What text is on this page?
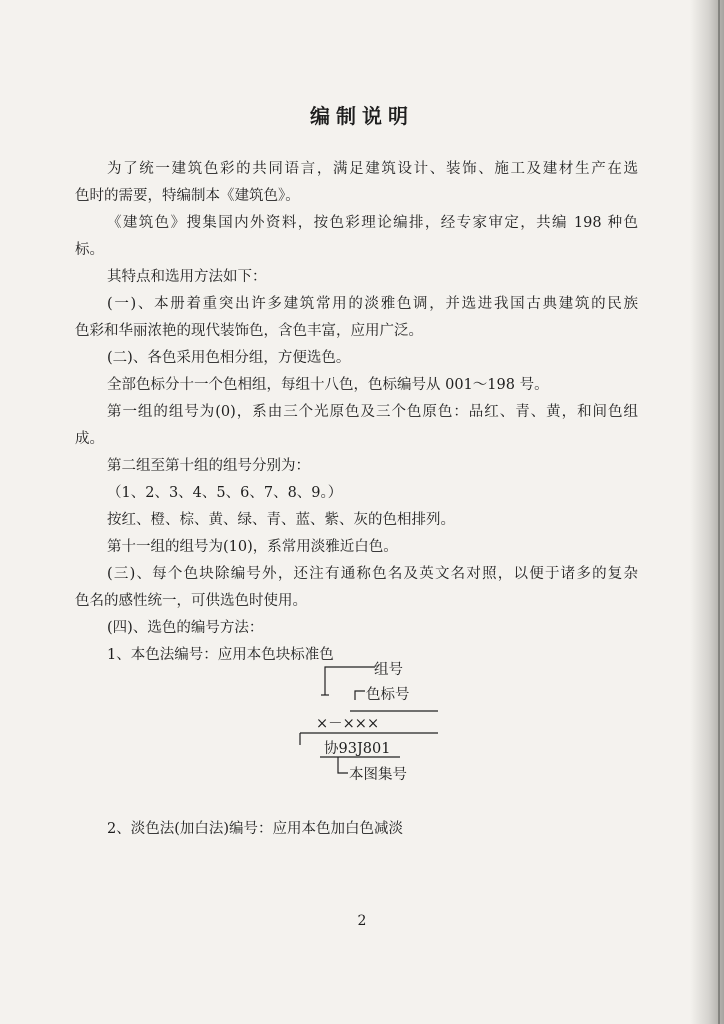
编制说明
为了统一建筑色彩的共同语言，满足建筑设计、装饰、施工及建材生产在选
色时的需要，特编制本《建筑色》。
《建筑色》搜集国内外资料，按色彩理论编排，经专家审定，共编 198 种色
标。
其特点和选用方法如下：
(一)、本册着重突出许多建筑常用的淡雅色调，并选进我国古典建筑的民族
色彩和华丽浓艳的现代装饰色，含色丰富，应用广泛。
(二)、各色采用色相分组，方便选色。
全部色标分十一个色相组，每组十八色，色标编号从 001～198 号。
第一组的组号为(0)，系由三个光原色及三个色原色：品红、青、黄，和间色组
成。
第二组至第十组的组号分别为：
（1、2、3、4、5、6、7、8、9。）
按红、橙、棕、黄、绿、青、蓝、紫、灰的色相排列。
第十一组的组号为(10)，系常用淡雅近白色。
(三)、每个色块除编号外，还注有通称色名及英文名对照，以便于诸多的复杂
色名的感性统一，可供选色时使用。
(四)、选色的编号方法：
1、本色法编号：应用本色块标准色
组号
色标号
×－×××
协93J801
本图集号
2、淡色法(加白法)编号：应用本色加白色减淡
2
